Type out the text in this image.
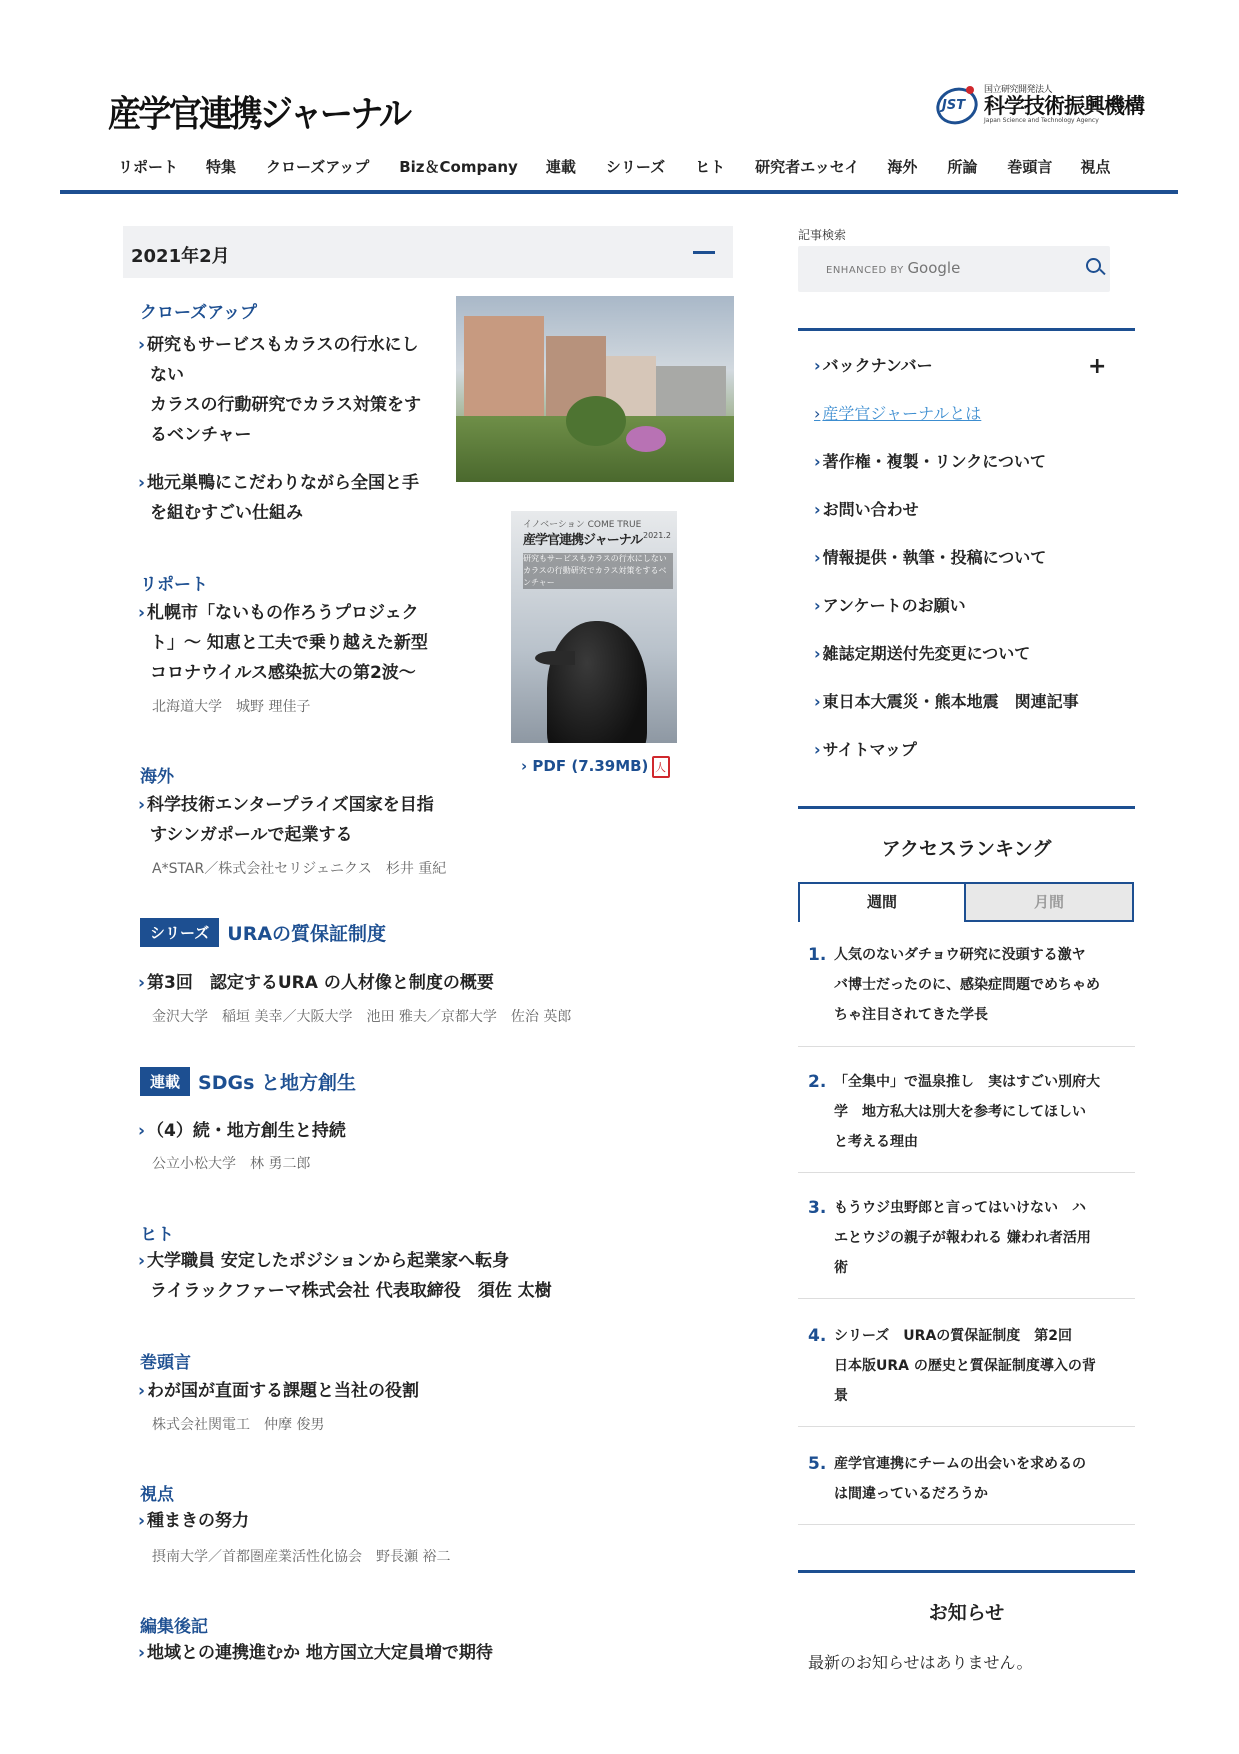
産学官連携ジャーナル	JST
国立研究開発法人
科学技術振興機構
Japan Science and Technology Agency
リポート 特集 クローズアップ Biz＆Company 連載 シリーズ ヒト 研究者エッセイ 海外 所論 巻頭言 視点
2021年2月
クローズアップ
› 研究もサービスもカラスの行水にし
ない
カラスの行動研究でカラス対策をす
るベンチャー
› 地元巣鴨にこだわりながら全国と手
を組むすごい仕組み
イノベーション COME TRUE
産学官連携ジャーナル 2021.2
研究もサービスもカラスの行水にしない カラスの行動研究でカラス対策をするベンチャー
› PDF (7.39MB)
人
リポート
› 札幌市「ないもの作ろうプロジェク
ト」〜 知恵と工夫で乗り越えた新型
コロナウイルス感染拡大の第2波〜
北海道大学　城野 理佳子
海外
› 科学技術エンタープライズ国家を目指
すシンガポールで起業する
A*STAR／株式会社セリジェニクス　杉井 重紀
シリーズ URAの質保証制度
› 第3回　認定するURA の人材像と制度の概要
金沢大学　稲垣 美幸／大阪大学　池田 雅夫／京都大学　佐治 英郎
連載 SDGs と地方創生
› （4）続・地方創生と持続
公立小松大学　林 勇二郎
ヒト
› 大学職員 安定したポジションから起業家へ転身
ライラックファーマ株式会社 代表取締役　須佐 太樹
巻頭言
› わが国が直面する課題と当社の役割
株式会社関電工　仲摩 俊男
視点
› 種まきの努力
摂南大学／首都圏産業活性化協会　野長瀬 裕二
編集後記
› 地域との連携進むか 地方国立大定員増で期待
記事検索
ENHANCED BY Google
› バックナンバー	+
› 産学官ジャーナルとは
› 著作権・複製・リンクについて
› お問い合わせ
› 情報提供・執筆・投稿について
› アンケートのお願い
› 雑誌定期送付先変更について
› 東日本大震災・熊本地震　関連記事
› サイトマップ
アクセスランキング
週間	月間
1. 人気のないダチョウ研究に没頭する激ヤ
バ博士だったのに、感染症問題でめちゃめ
ちゃ注目されてきた学長
2. 「全集中」で温泉推し　実はすごい別府大
学　地方私大は別大を参考にしてほしい
と考える理由
3. もうウジ虫野郎と言ってはいけない　ハ
エとウジの親子が報われる 嫌われ者活用
術
4. シリーズ　URAの質保証制度　第2回
日本版URA の歴史と質保証制度導入の背
景
5. 産学官連携にチームの出会いを求めるの
は間違っているだろうか
お知らせ
最新のお知らせはありません。
